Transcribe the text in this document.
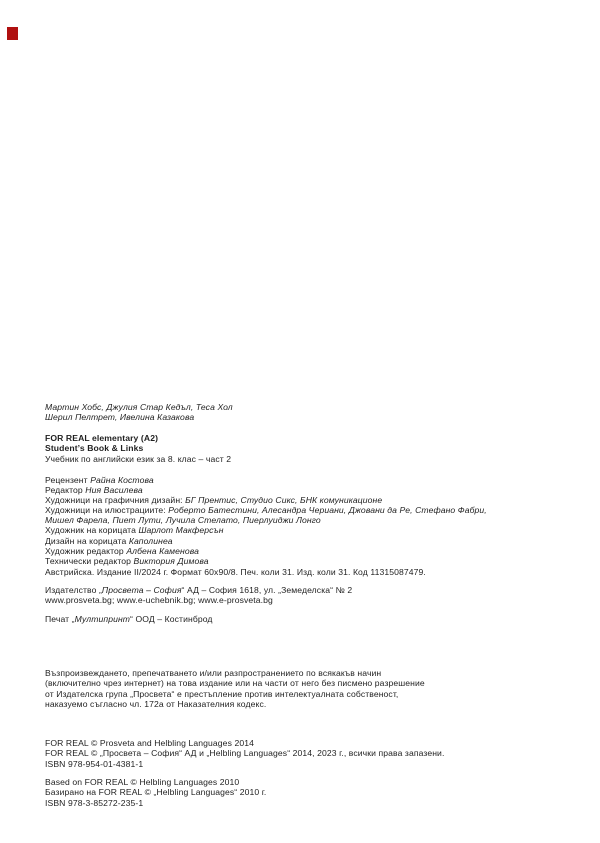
Мартин Хобс, Джулия Стар Кедъл, Теса Хол
Шерил Пелтрет, Ивелина Казакова
FOR REAL elementary (A2)
Student’s Book & Links
Учебник по английски език за 8. клас – част 2
Рецензент Райна Костова
Редактор Ния Василева
Художници на графичния дизайн: БГ Прентис, Студио Сикс, БНК комуникационе
Художници на илюстрациите: Роберто Батестини, Алесандра Чериани, Джовани да Ре, Стефано Фабри,
Мишел Фарела, Пиет Лути, Лучила Стелато, Пиерлуиджи Лонго
Художник на корицата Шарлот Макферсън
Дизайн на корицата Каполинеа
Художник редактор Албена Каменова
Технически редактор Виктория Димова
Австрийска. Издание II/2024 г. Формат 60х90/8. Печ. коли 31. Изд. коли 31. Код 11315087479.
Издателство „Просвета – София“ АД – София 1618, ул. „Земеделска“ № 2
www.prosveta.bg; www.e-uchebnik.bg; www.e-prosveta.bg
Печат „Мултипринт“ ООД – Костинброд
Възпроизвеждането, препечатването и/или разпространението по всякакъв начин
(включително чрез интернет) на това издание или на части от него без писмено разрешение
от Издателска група „Просвета“ е престъпление против интелектуалната собственост,
наказуемо съгласно чл. 172а от Наказателния кодекс.
FOR REAL © Prosveta and Helbling Languages 2014
FOR REAL © „Просвета – София“ АД и „Helbling Languages“ 2014, 2023 г., всички права запазени.
ISBN 978-954-01-4381-1
Based on FOR REAL © Helbling Languages 2010
Базирано на FOR REAL © „Helbling Languages“ 2010 г.
ISBN 978-3-85272-235-1
